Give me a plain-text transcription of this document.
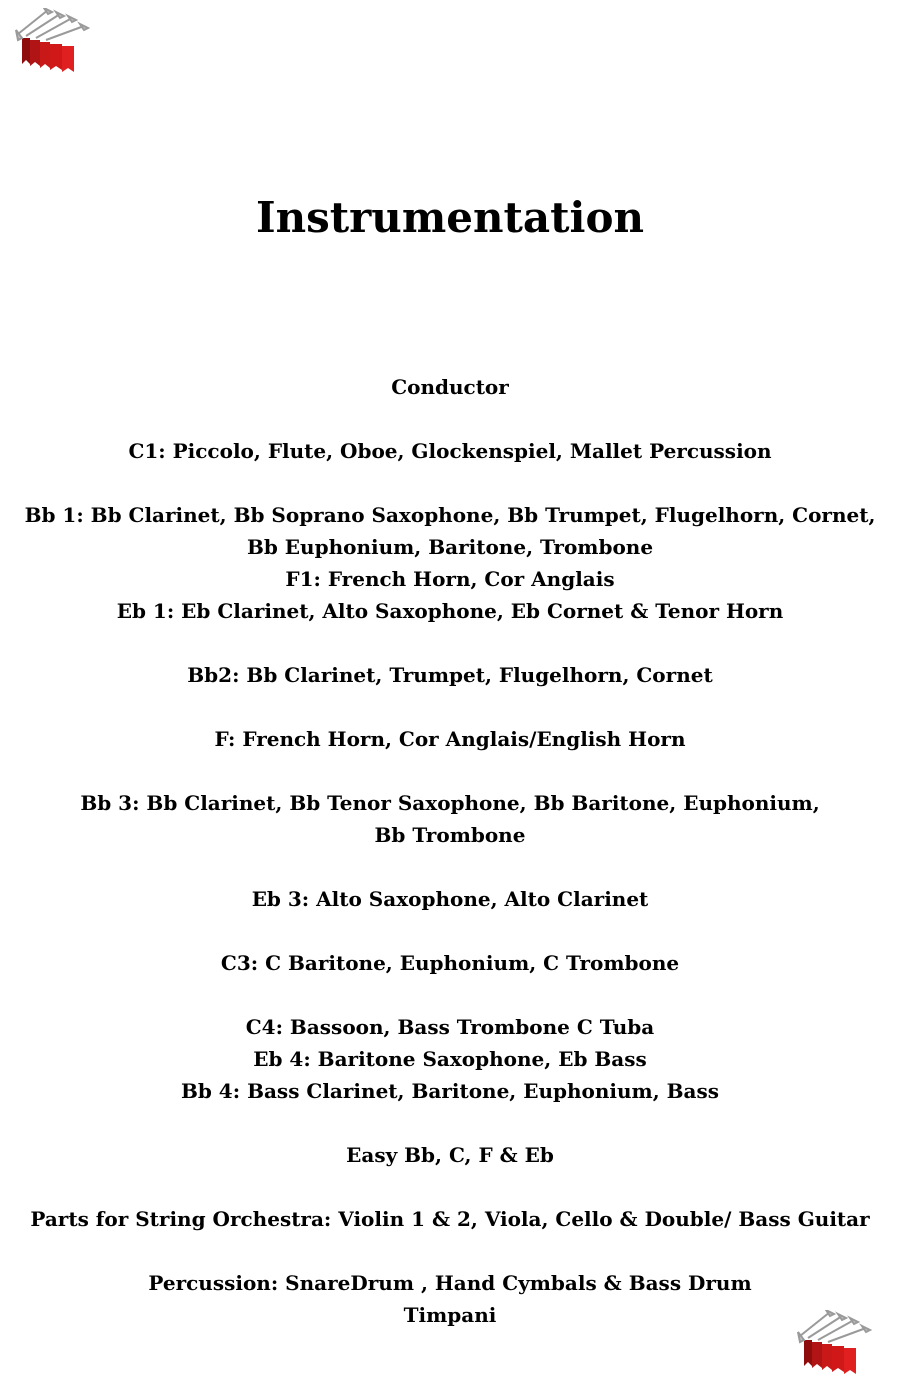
Instrumentation
Conductor
C1: Piccolo, Flute, Oboe, Glockenspiel, Mallet Percussion
Bb 1: Bb Clarinet, Bb Soprano Saxophone, Bb Trumpet, Flugelhorn, Cornet,
Bb Euphonium, Baritone, Trombone
F1: French Horn, Cor Anglais
Eb 1: Eb Clarinet, Alto Saxophone, Eb Cornet & Tenor Horn
Bb2: Bb Clarinet, Trumpet, Flugelhorn, Cornet
F: French Horn, Cor Anglais/English Horn
Bb 3: Bb Clarinet, Bb Tenor Saxophone, Bb Baritone, Euphonium,
Bb Trombone
Eb 3: Alto Saxophone, Alto Clarinet
C3: C Baritone, Euphonium, C Trombone
C4: Bassoon, Bass Trombone C Tuba
Eb 4: Baritone Saxophone, Eb Bass
Bb 4: Bass Clarinet, Baritone, Euphonium, Bass
Easy Bb, C, F & Eb
Parts for String Orchestra: Violin 1 & 2, Viola, Cello & Double/ Bass Guitar
Percussion: SnareDrum , Hand Cymbals & Bass Drum
Timpani
